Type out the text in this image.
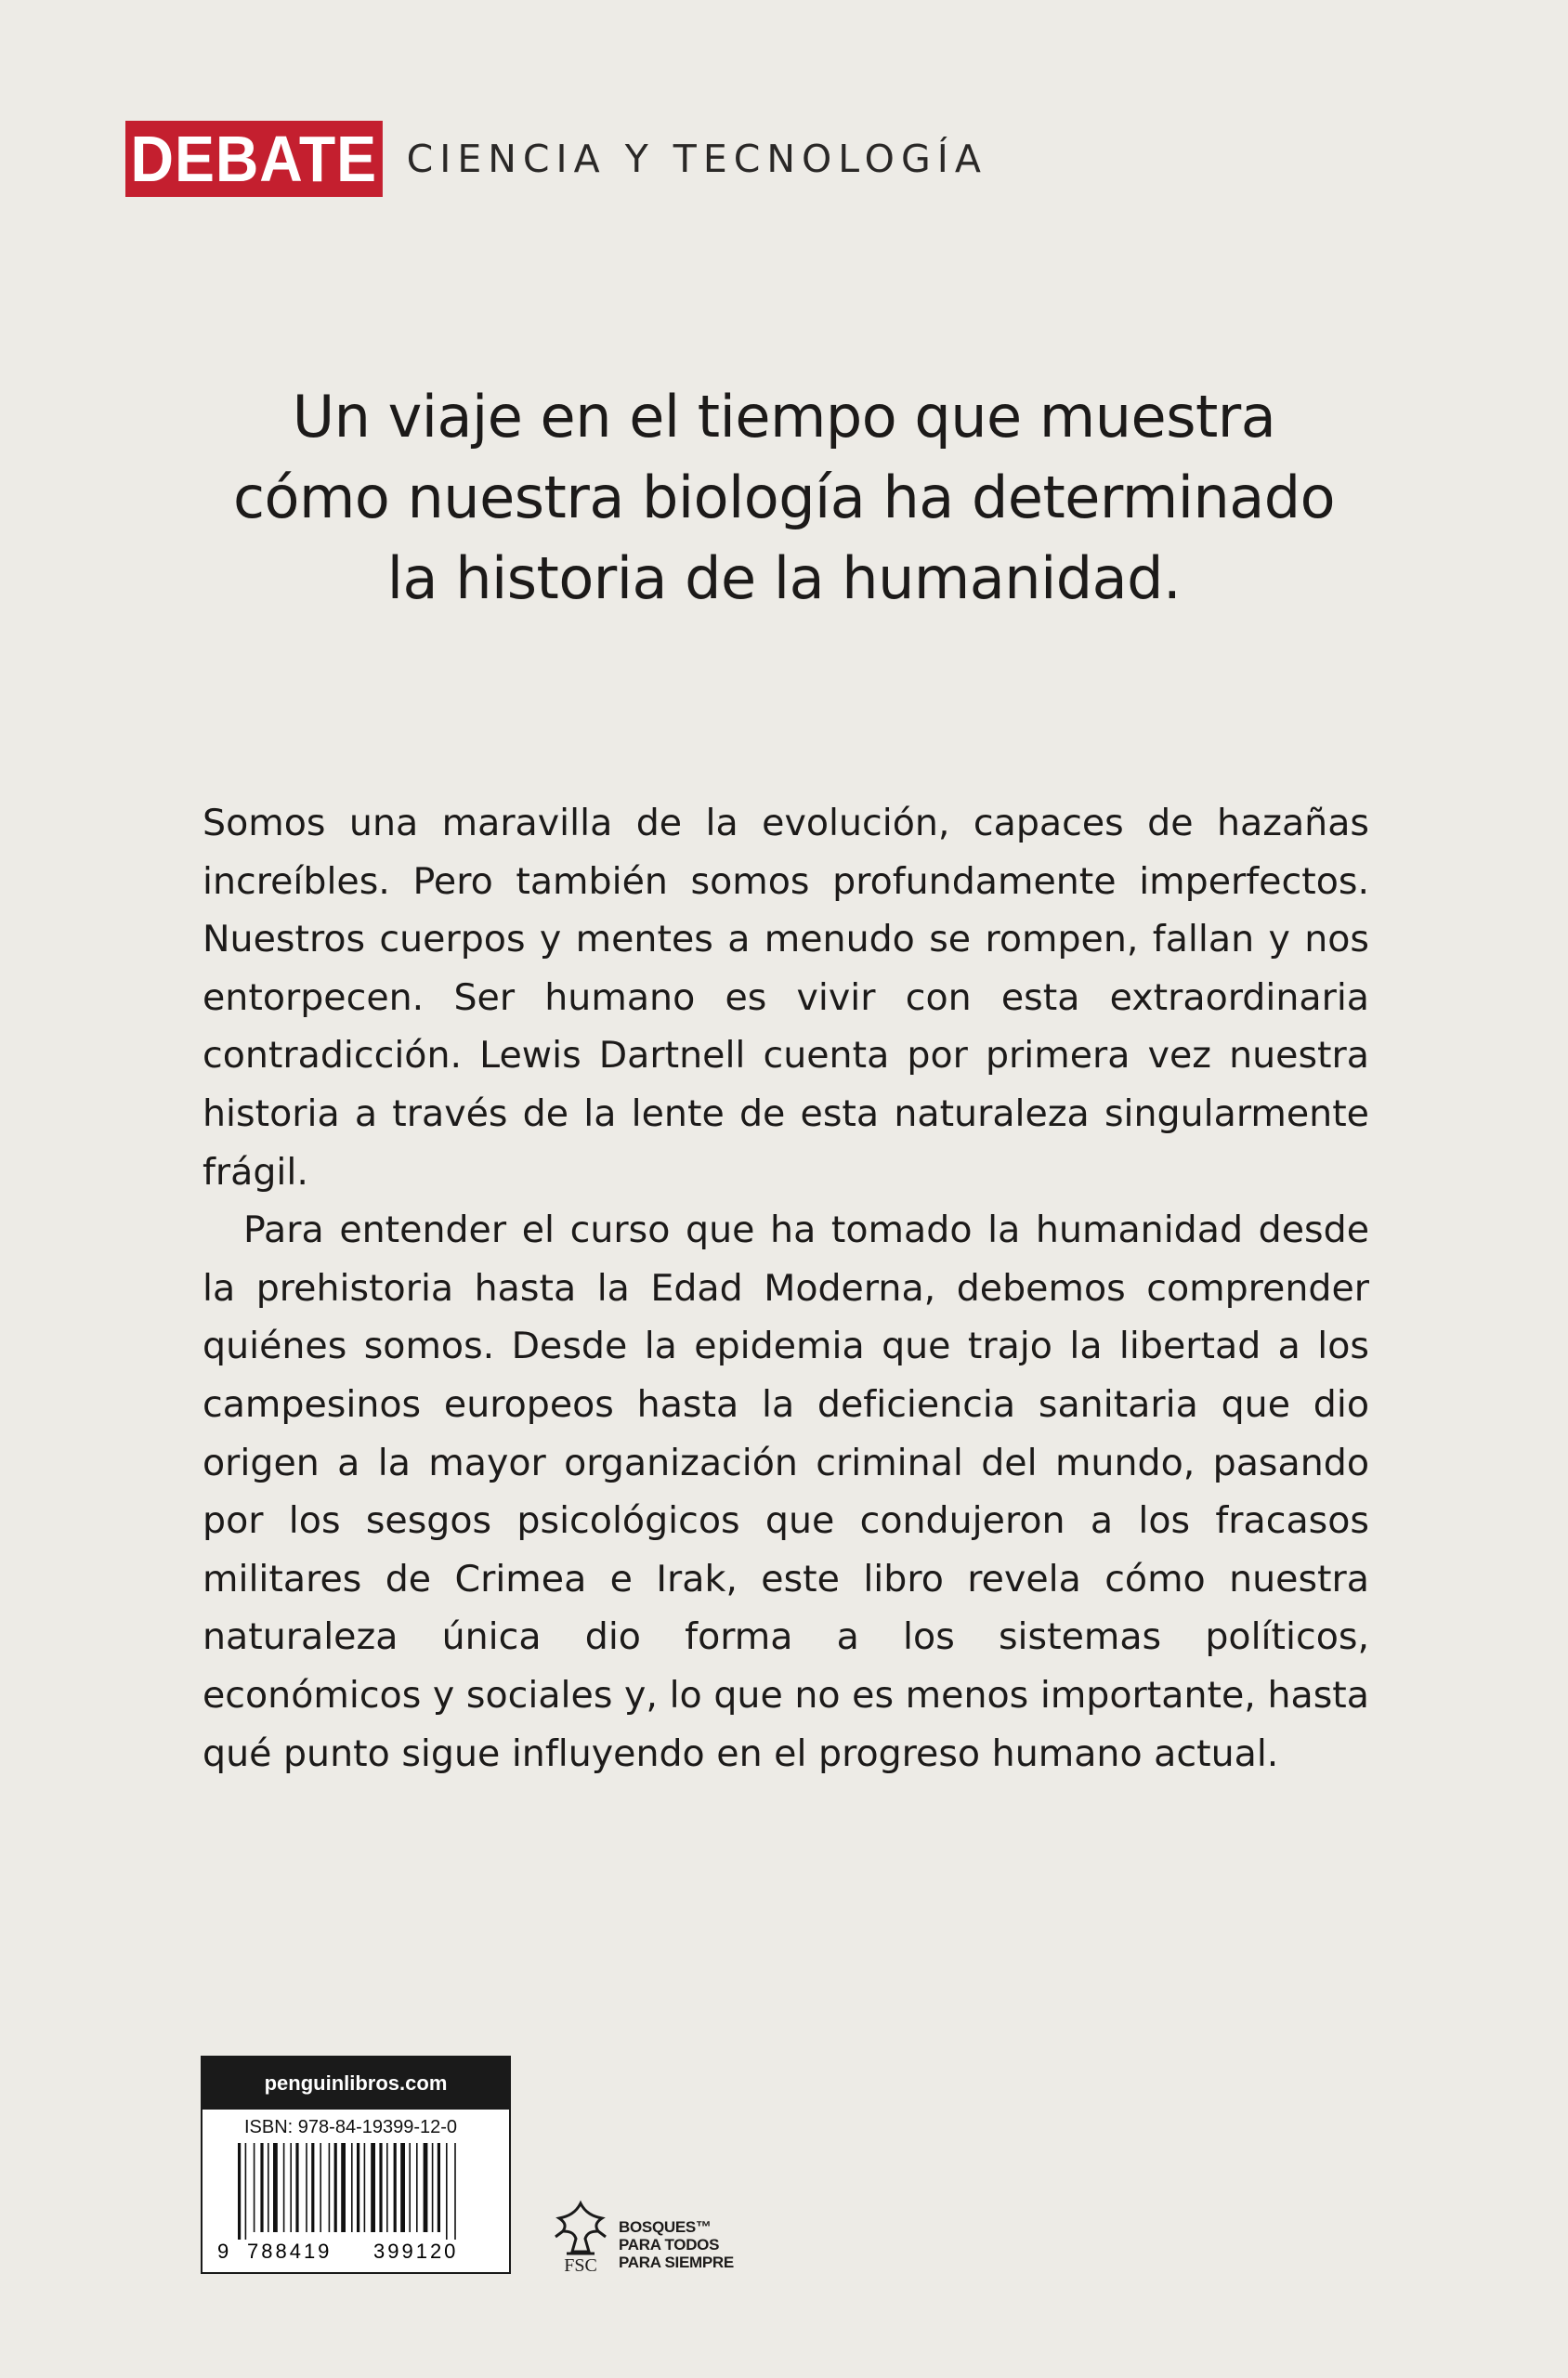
DEBATE CIENCIA Y TECNOLOGÍA
Un viaje en el tiempo que muestra
cómo nuestra biología ha determinado
la historia de la humanidad.

Somos una maravilla de la evolución, capaces de hazañas increíbles. Pero también somos profundamente imperfectos. Nuestros cuerpos y mentes a menudo se rompen, fallan y nos entorpecen. Ser humano es vivir con esta extraordinaria contradicción. Lewis Dartnell cuenta por primera vez nuestra historia a través de la lente de esta naturaleza singularmente frágil.

Para entender el curso que ha tomado la humanidad desde la prehistoria hasta la Edad Moderna, debemos comprender quiénes somos. Desde la epidemia que trajo la libertad a los campesinos europeos hasta la deficiencia sanitaria que dio origen a la mayor organización criminal del mundo, pasando por los sesgos psicológicos que condujeron a los fracasos militares de Crimea e Irak, este libro revela cómo nuestra naturaleza única dio forma a los sistemas políticos, económicos y sociales y, lo que no es menos importante, hasta qué punto sigue influyendo en el progreso humano actual.

penguinlibros.com
ISBN: 978-84-19399-12-0
9 788419 399120
FSC
BOSQUES™
PARA TODOS
PARA SIEMPRE
